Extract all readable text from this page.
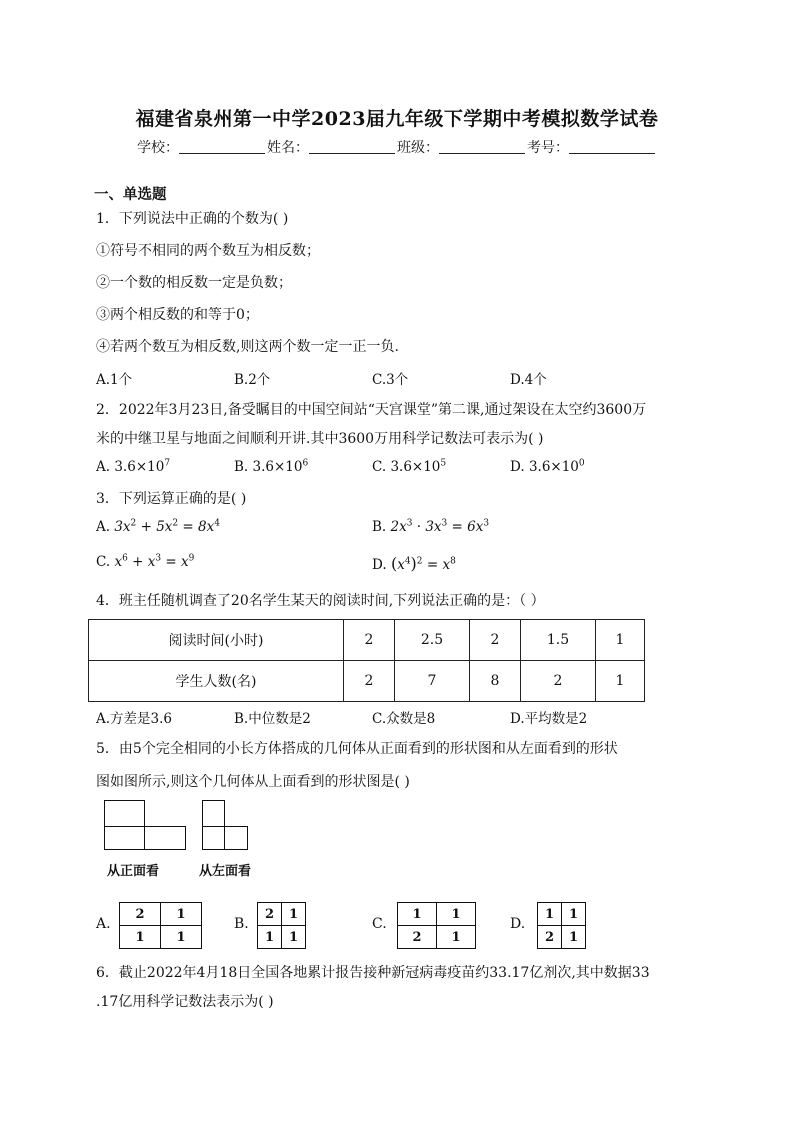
福建省泉州第一中学2023届九年级下学期中考模拟数学试卷
学校：	姓名：	班级：	考号：
一、单选题
1．下列说法中正确的个数为( )
①符号不相同的两个数互为相反数；
②一个数的相反数一定是负数；
③两个相反数的和等于0；
④若两个数互为相反数,则这两个数一定一正一负.
A.1个	B.2个	C.3个	D.4个
2．2022年3月23日,备受瞩目的中国空间站“天宫课堂”第二课,通过架设在太空约3600万
米的中继卫星与地面之间顺利开讲.其中3600万用科学记数法可表示为( )
A. $3.6\times 10^7$	B. $3.6\times 10^6$	C. $3.6\times 10^5$	D. $3.6\times 10^0$
3．下列运算正确的是( )
A. $3x^2 + 5x^2 = 8x^4$	B. $2x^3 \cdot 3x^3 = 6x^3$
C. $x^6 + x^3 = x^9$	D. $(x^4)^2 = x^8$
4．班主任随机调查了20名学生某天的阅读时间,下列说法正确的是：（ ）
阅读时间(小时)	2	2.5	2	1.5	1
学生人数(名)	2	7	8	2	1
A.方差是3.6	B.中位数是2	C.众数是8	D.平均数是2
5．由5个完全相同的小长方体搭成的几何体从正面看到的形状图和从左面看到的形状
图如图所示,则这个几何体从上面看到的形状图是( )
从正面看	从左面看
A.
2	1
1	1
B.
2	1
1	1
C.
1	1
2	1
D.
1	1
2	1
6．截止2022年4月18日全国各地累计报告接种新冠病毒疫苗约33.17亿剂次,其中数据33
.17亿用科学记数法表示为( )
